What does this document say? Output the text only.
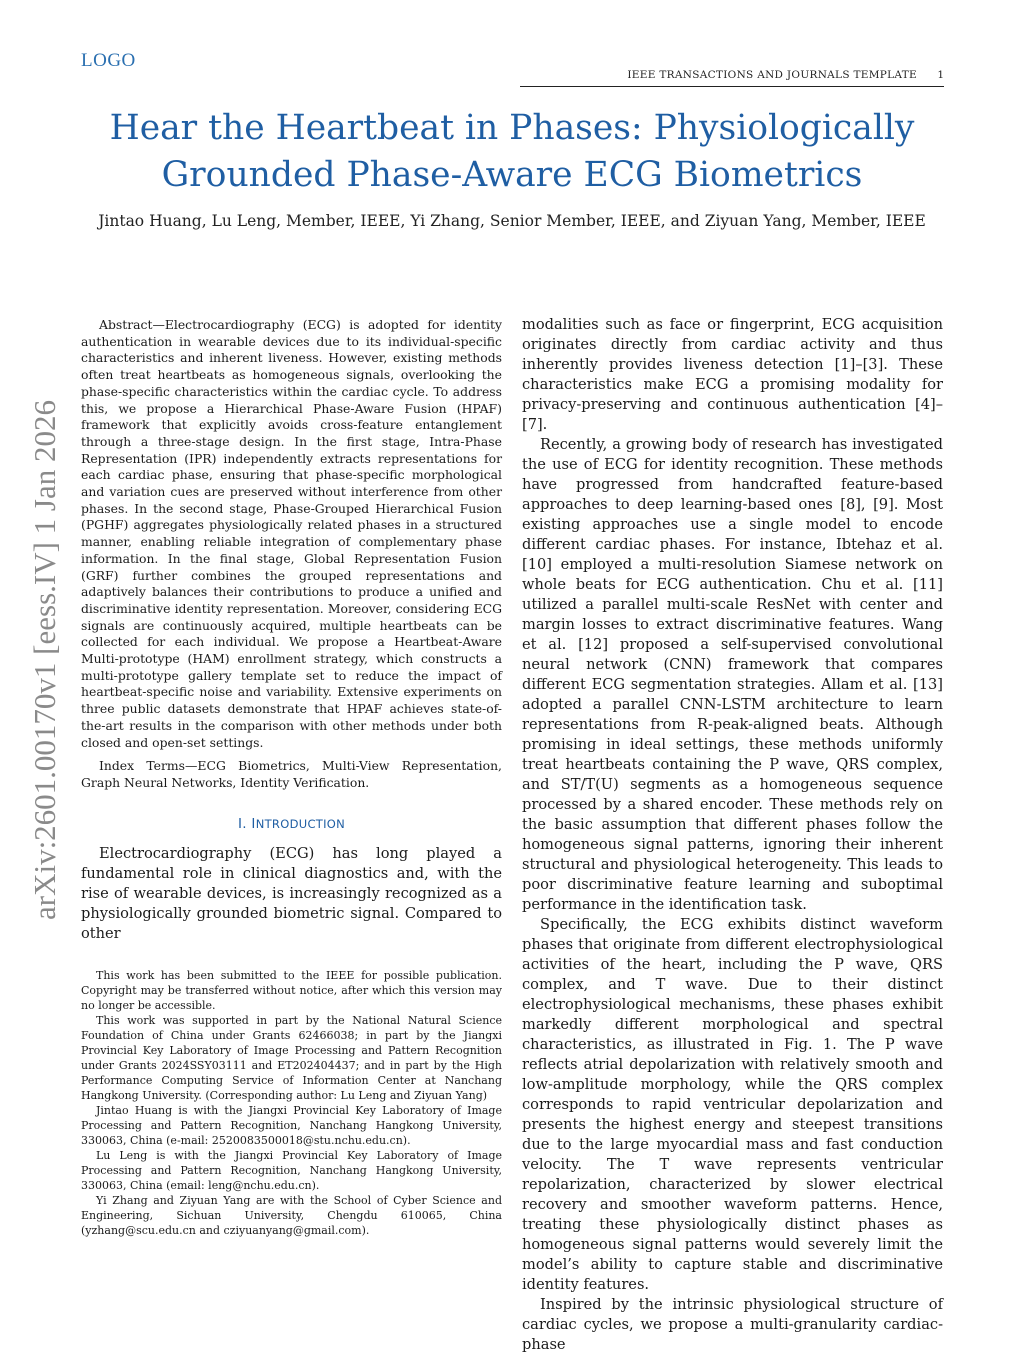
LOGO
IEEE TRANSACTIONS AND JOURNALS TEMPLATE 1
Hear the Heartbeat in Phases: Physiologically
Grounded Phase-Aware ECG Biometrics
Jintao Huang, Lu Leng, Member, IEEE, Yi Zhang, Senior Member, IEEE, and Ziyuan Yang, Member, IEEE
arXiv:2601.00170v1 [eess.IV] 1 Jan 2026

Abstract—Electrocardiography (ECG) is adopted for identity authentication in wearable devices due to its individual-specific characteristics and inherent liveness. However, existing methods often treat heartbeats as homogeneous signals, overlooking the phase-specific characteristics within the cardiac cycle. To address this, we propose a Hierarchical Phase-Aware Fusion (HPAF) framework that explicitly avoids cross-feature entanglement through a three-stage design. In the first stage, Intra-Phase Representation (IPR) independently extracts representations for each cardiac phase, ensuring that phase-specific morphological and variation cues are preserved without interference from other phases. In the second stage, Phase-Grouped Hierarchical Fusion (PGHF) aggregates physiologically related phases in a structured manner, enabling reliable integration of complementary phase information. In the final stage, Global Representation Fusion (GRF) further combines the grouped representations and adaptively balances their contributions to produce a unified and discriminative identity representation. Moreover, considering ECG signals are continuously acquired, multiple heartbeats can be collected for each individual. We propose a Heartbeat-Aware Multi-prototype (HAM) enrollment strategy, which constructs a multi-prototype gallery template set to reduce the impact of heartbeat-specific noise and variability. Extensive experiments on three public datasets demonstrate that HPAF achieves state-of-the-art results in the comparison with other methods under both closed and open-set settings.

Index Terms—ECG Biometrics, Multi-View Representation, Graph Neural Networks, Identity Verification.

I. INTRODUCTION

Electrocardiography (ECG) has long played a fundamental role in clinical diagnostics and, with the rise of wearable devices, is increasingly recognized as a physiologically grounded biometric signal. Compared to other

This work has been submitted to the IEEE for possible publication. Copyright may be transferred without notice, after which this version may no longer be accessible.

This work was supported in part by the National Natural Science Foundation of China under Grants 62466038; in part by the Jiangxi Provincial Key Laboratory of Image Processing and Pattern Recognition under Grants 2024SSY03111 and ET202404437; and in part by the High Performance Computing Service of Information Center at Nanchang Hangkong University. (Corresponding author: Lu Leng and Ziyuan Yang)

Jintao Huang is with the Jiangxi Provincial Key Laboratory of Image Processing and Pattern Recognition, Nanchang Hangkong University, 330063, China (e-mail: 2520083500018@stu.nchu.edu.cn).

Lu Leng is with the Jiangxi Provincial Key Laboratory of Image Processing and Pattern Recognition, Nanchang Hangkong University, 330063, China (email: leng@nchu.edu.cn).

Yi Zhang and Ziyuan Yang are with the School of Cyber Science and Engineering, Sichuan University, Chengdu 610065, China (yzhang@scu.edu.cn and cziyuanyang@gmail.com).

modalities such as face or fingerprint, ECG acquisition originates directly from cardiac activity and thus inherently provides liveness detection [1]–[3]. These characteristics make ECG a promising modality for privacy-preserving and continuous authentication [4]–[7].

Recently, a growing body of research has investigated the use of ECG for identity recognition. These methods have progressed from handcrafted feature-based approaches to deep learning-based ones [8], [9]. Most existing approaches use a single model to encode different cardiac phases. For instance, Ibtehaz et al. [10] employed a multi-resolution Siamese network on whole beats for ECG authentication. Chu et al. [11] utilized a parallel multi-scale ResNet with center and margin losses to extract discriminative features. Wang et al. [12] proposed a self-supervised convolutional neural network (CNN) framework that compares different ECG segmentation strategies. Allam et al. [13] adopted a parallel CNN-LSTM architecture to learn representations from R-peak-aligned beats. Although promising in ideal settings, these methods uniformly treat heartbeats containing the P wave, QRS complex, and ST/T(U) segments as a homogeneous sequence processed by a shared encoder. These methods rely on the basic assumption that different phases follow the homogeneous signal patterns, ignoring their inherent structural and physiological heterogeneity. This leads to poor discriminative feature learning and suboptimal performance in the identification task.

Specifically, the ECG exhibits distinct waveform phases that originate from different electrophysiological activities of the heart, including the P wave, QRS complex, and T wave. Due to their distinct electrophysiological mechanisms, these phases exhibit markedly different morphological and spectral characteristics, as illustrated in Fig. 1. The P wave reflects atrial depolarization with relatively smooth and low-amplitude morphology, while the QRS complex corresponds to rapid ventricular depolarization and presents the highest energy and steepest transitions due to the large myocardial mass and fast conduction velocity. The T wave represents ventricular repolarization, characterized by slower electrical recovery and smoother waveform patterns. Hence, treating these physiologically distinct phases as homogeneous signal patterns would severely limit the model’s ability to capture stable and discriminative identity features.

Inspired by the intrinsic physiological structure of cardiac cycles, we propose a multi-granularity cardiac-phase
